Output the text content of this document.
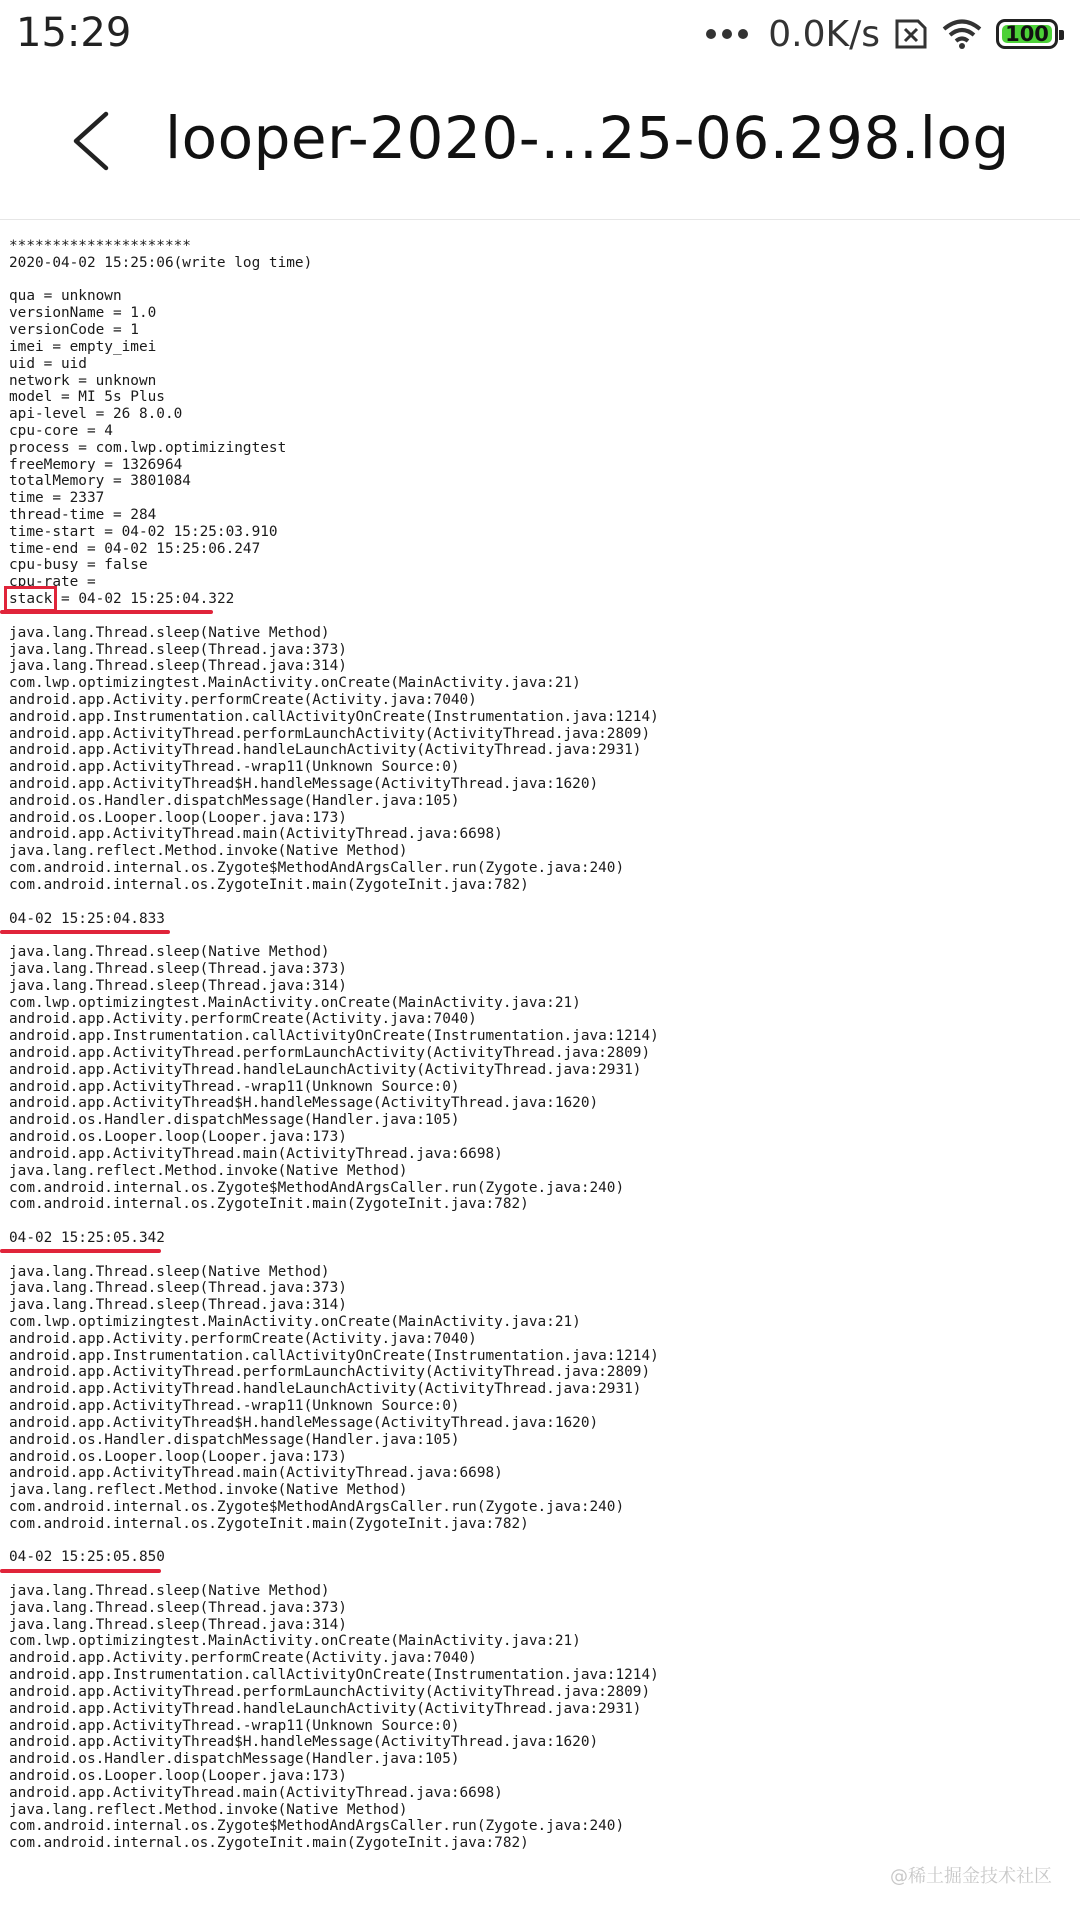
15:29	0.0K/s	100
looper-2020-…25-06.298.log
*********************
2020-04-02 15:25:06(write log time)
qua = unknown
versionName = 1.0
versionCode = 1
imei = empty_imei
uid = uid
network = unknown
model = MI 5s Plus
api-level = 26 8.0.0
cpu-core = 4
process = com.lwp.optimizingtest
freeMemory = 1326964
totalMemory = 3801084
time = 2337
thread-time = 284
time-start = 04-02 15:25:03.910
time-end = 04-02 15:25:06.247
cpu-busy = false
cpu-rate =
stack = 04-02 15:25:04.322
java.lang.Thread.sleep(Native Method)
java.lang.Thread.sleep(Thread.java:373)
java.lang.Thread.sleep(Thread.java:314)
com.lwp.optimizingtest.MainActivity.onCreate(MainActivity.java:21)
android.app.Activity.performCreate(Activity.java:7040)
android.app.Instrumentation.callActivityOnCreate(Instrumentation.java:1214)
android.app.ActivityThread.performLaunchActivity(ActivityThread.java:2809)
android.app.ActivityThread.handleLaunchActivity(ActivityThread.java:2931)
android.app.ActivityThread.-wrap11(Unknown Source:0)
android.app.ActivityThread$H.handleMessage(ActivityThread.java:1620)
android.os.Handler.dispatchMessage(Handler.java:105)
android.os.Looper.loop(Looper.java:173)
android.app.ActivityThread.main(ActivityThread.java:6698)
java.lang.reflect.Method.invoke(Native Method)
com.android.internal.os.Zygote$MethodAndArgsCaller.run(Zygote.java:240)
com.android.internal.os.ZygoteInit.main(ZygoteInit.java:782)
04-02 15:25:04.833
java.lang.Thread.sleep(Native Method)
java.lang.Thread.sleep(Thread.java:373)
java.lang.Thread.sleep(Thread.java:314)
com.lwp.optimizingtest.MainActivity.onCreate(MainActivity.java:21)
android.app.Activity.performCreate(Activity.java:7040)
android.app.Instrumentation.callActivityOnCreate(Instrumentation.java:1214)
android.app.ActivityThread.performLaunchActivity(ActivityThread.java:2809)
android.app.ActivityThread.handleLaunchActivity(ActivityThread.java:2931)
android.app.ActivityThread.-wrap11(Unknown Source:0)
android.app.ActivityThread$H.handleMessage(ActivityThread.java:1620)
android.os.Handler.dispatchMessage(Handler.java:105)
android.os.Looper.loop(Looper.java:173)
android.app.ActivityThread.main(ActivityThread.java:6698)
java.lang.reflect.Method.invoke(Native Method)
com.android.internal.os.Zygote$MethodAndArgsCaller.run(Zygote.java:240)
com.android.internal.os.ZygoteInit.main(ZygoteInit.java:782)
04-02 15:25:05.342
java.lang.Thread.sleep(Native Method)
java.lang.Thread.sleep(Thread.java:373)
java.lang.Thread.sleep(Thread.java:314)
com.lwp.optimizingtest.MainActivity.onCreate(MainActivity.java:21)
android.app.Activity.performCreate(Activity.java:7040)
android.app.Instrumentation.callActivityOnCreate(Instrumentation.java:1214)
android.app.ActivityThread.performLaunchActivity(ActivityThread.java:2809)
android.app.ActivityThread.handleLaunchActivity(ActivityThread.java:2931)
android.app.ActivityThread.-wrap11(Unknown Source:0)
android.app.ActivityThread$H.handleMessage(ActivityThread.java:1620)
android.os.Handler.dispatchMessage(Handler.java:105)
android.os.Looper.loop(Looper.java:173)
android.app.ActivityThread.main(ActivityThread.java:6698)
java.lang.reflect.Method.invoke(Native Method)
com.android.internal.os.Zygote$MethodAndArgsCaller.run(Zygote.java:240)
com.android.internal.os.ZygoteInit.main(ZygoteInit.java:782)
04-02 15:25:05.850
java.lang.Thread.sleep(Native Method)
java.lang.Thread.sleep(Thread.java:373)
java.lang.Thread.sleep(Thread.java:314)
com.lwp.optimizingtest.MainActivity.onCreate(MainActivity.java:21)
android.app.Activity.performCreate(Activity.java:7040)
android.app.Instrumentation.callActivityOnCreate(Instrumentation.java:1214)
android.app.ActivityThread.performLaunchActivity(ActivityThread.java:2809)
android.app.ActivityThread.handleLaunchActivity(ActivityThread.java:2931)
android.app.ActivityThread.-wrap11(Unknown Source:0)
android.app.ActivityThread$H.handleMessage(ActivityThread.java:1620)
android.os.Handler.dispatchMessage(Handler.java:105)
android.os.Looper.loop(Looper.java:173)
android.app.ActivityThread.main(ActivityThread.java:6698)
java.lang.reflect.Method.invoke(Native Method)
com.android.internal.os.Zygote$MethodAndArgsCaller.run(Zygote.java:240)
com.android.internal.os.ZygoteInit.main(ZygoteInit.java:782)
@稀土掘金技术社区
